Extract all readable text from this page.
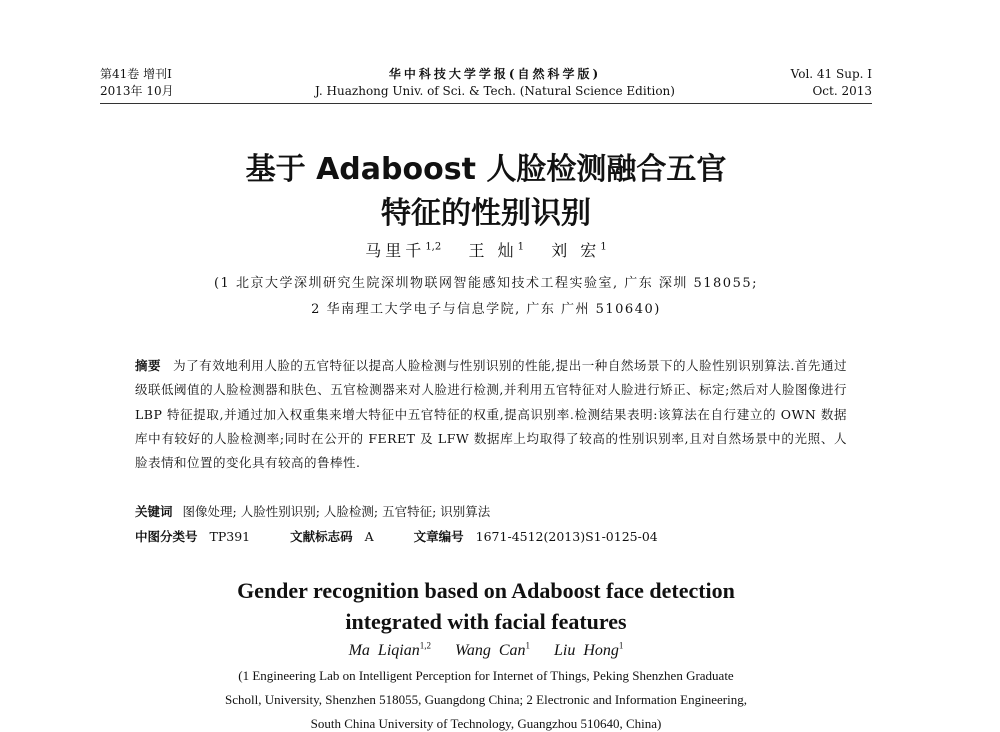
第41卷 增刊Ⅰ
2013年 10月
华中科技大学学报(自然科学版)
J. Huazhong Univ. of Sci. & Tech. (Natural Science Edition)
Vol. 41 Sup. Ⅰ
Oct. 2013
基于 Adaboost 人脸检测融合五官
特征的性别识别
马里千$^{1,2}$ 王 灿$^1$ 刘 宏$^1$
(1 北京大学深圳研究生院深圳物联网智能感知技术工程实验室, 广东 深圳 518055;
2 华南理工大学电子与信息学院, 广东 广州 510640)
摘要 为了有效地利用人脸的五官特征以提高人脸检测与性别识别的性能,提出一种自然场景下的人脸性别识别算法.首先通过级联低阈值的人脸检测器和肤色、五官检测器来对人脸进行检测,并利用五官特征对人脸进行矫正、标定;然后对人脸图像进行 LBP 特征提取,并通过加入权重集来增大特征中五官特征的权重,提高识别率.检测结果表明:该算法在自行建立的 OWN 数据库中有较好的人脸检测率;同时在公开的 FERET 及 LFW 数据库上均取得了较高的性别识别率,且对自然场景中的光照、人脸表情和位置的变化具有较高的鲁棒性.
关键词 图像处理; 人脸性别识别; 人脸检测; 五官特征; 识别算法
中图分类号 TP391	文献标志码 A	文章编号 1671-4512(2013)S1-0125-04
Gender recognition based on Adaboost face detection
integrated with facial features
Ma Liqian$^{1,2}$ Wang Can$^1$ Liu Hong$^1$
(1 Engineering Lab on Intelligent Perception for Internet of Things, Peking Shenzhen Graduate
Scholl, University, Shenzhen 518055, Guangdong China; 2 Electronic and Information Engineering,
South China University of Technology, Guangzhou 510640, China)
